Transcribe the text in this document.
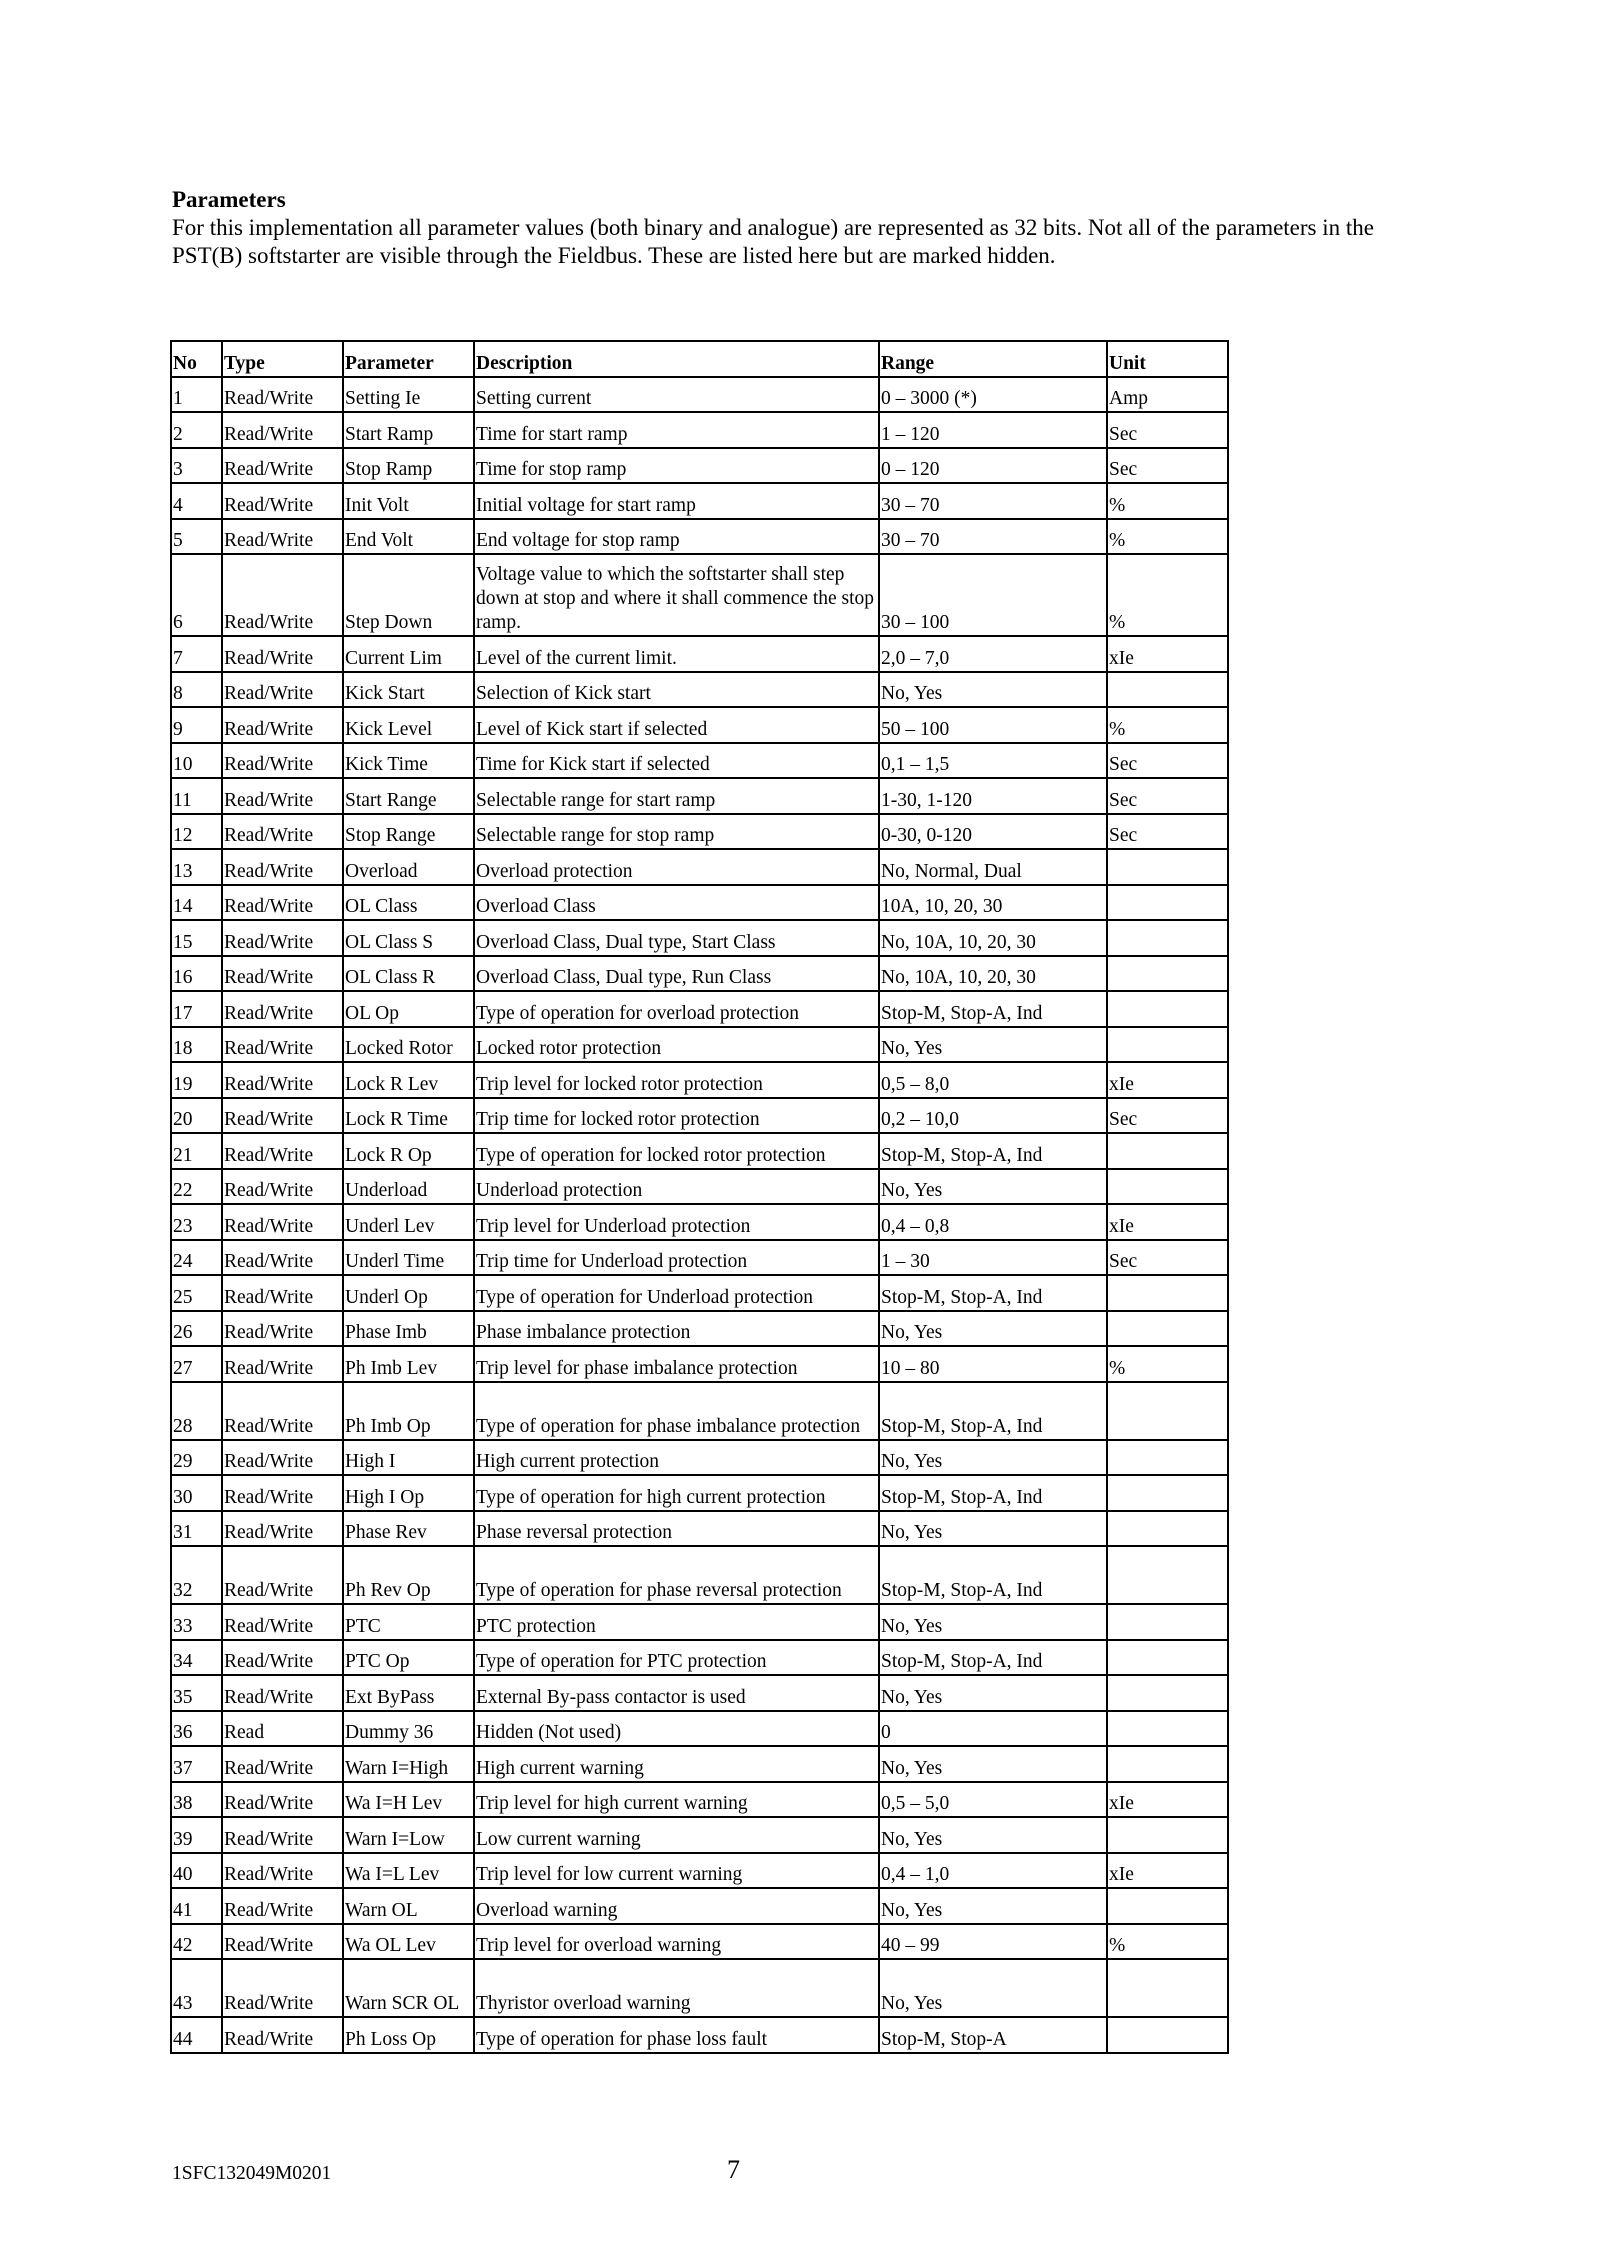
Parameters
For this implementation all parameter values (both binary and analogue) are represented as 32 bits. Not all of the parameters in the PST(B) softstarter are visible through the Fieldbus. These are listed here but are marked hidden.
No	Type	Parameter	Description	Range	Unit
1	Read/Write	Setting Ie	Setting current	0 – 3000 (*)	Amp
2	Read/Write	Start Ramp	Time for start ramp	1 – 120	Sec
3	Read/Write	Stop Ramp	Time for stop ramp	0 – 120	Sec
4	Read/Write	Init Volt	Initial voltage for start ramp	30 – 70	%
5	Read/Write	End Volt	End voltage for stop ramp	30 – 70	%
6	Read/Write	Step Down	Voltage value to which the softstarter shall step down at stop and where it shall commence the stop ramp.	30 – 100	%
7	Read/Write	Current Lim	Level of the current limit.	2,0 – 7,0	xIe
8	Read/Write	Kick Start	Selection of Kick start	No, Yes	
9	Read/Write	Kick Level	Level of Kick start if selected	50 – 100	%
10	Read/Write	Kick Time	Time for Kick start if selected	0,1 – 1,5	Sec
11	Read/Write	Start Range	Selectable range for start ramp	1-30, 1-120	Sec
12	Read/Write	Stop Range	Selectable range for stop ramp	0-30, 0-120	Sec
13	Read/Write	Overload	Overload protection	No, Normal, Dual	
14	Read/Write	OL Class	Overload Class	10A, 10, 20, 30	
15	Read/Write	OL Class S	Overload Class, Dual type, Start Class	No, 10A, 10, 20, 30	
16	Read/Write	OL Class R	Overload Class, Dual type, Run Class	No, 10A, 10, 20, 30	
17	Read/Write	OL Op	Type of operation for overload protection	Stop-M, Stop-A, Ind	
18	Read/Write	Locked Rotor	Locked rotor protection	No, Yes	
19	Read/Write	Lock R Lev	Trip level for locked rotor protection	0,5 – 8,0	xIe
20	Read/Write	Lock R Time	Trip time for locked rotor protection	0,2 – 10,0	Sec
21	Read/Write	Lock R Op	Type of operation for locked rotor protection	Stop-M, Stop-A, Ind	
22	Read/Write	Underload	Underload protection	No, Yes	
23	Read/Write	Underl Lev	Trip level for Underload protection	0,4 – 0,8	xIe
24	Read/Write	Underl Time	Trip time for Underload protection	1 – 30	Sec
25	Read/Write	Underl Op	Type of operation for Underload protection	Stop-M, Stop-A, Ind	
26	Read/Write	Phase Imb	Phase imbalance protection	No, Yes	
27	Read/Write	Ph Imb Lev	Trip level for phase imbalance protection	10 – 80	%
28	Read/Write	Ph Imb Op	Type of operation for phase imbalance protection	Stop-M, Stop-A, Ind	
29	Read/Write	High I	High current protection	No, Yes	
30	Read/Write	High I Op	Type of operation for high current protection	Stop-M, Stop-A, Ind	
31	Read/Write	Phase Rev	Phase reversal protection	No, Yes	
32	Read/Write	Ph Rev Op	Type of operation for phase reversal protection	Stop-M, Stop-A, Ind	
33	Read/Write	PTC	PTC protection	No, Yes	
34	Read/Write	PTC Op	Type of operation for PTC protection	Stop-M, Stop-A, Ind	
35	Read/Write	Ext ByPass	External By-pass contactor is used	No, Yes	
36	Read	Dummy 36	Hidden (Not used)	0	
37	Read/Write	Warn I=High	High current warning	No, Yes	
38	Read/Write	Wa I=H Lev	Trip level for high current warning	0,5 – 5,0	xIe
39	Read/Write	Warn I=Low	Low current warning	No, Yes	
40	Read/Write	Wa I=L Lev	Trip level for low current warning	0,4 – 1,0	xIe
41	Read/Write	Warn OL	Overload warning	No, Yes	
42	Read/Write	Wa OL Lev	Trip level for overload warning	40 – 99	%
43	Read/Write	Warn SCR OL	Thyristor overload warning	No, Yes	
44	Read/Write	Ph Loss Op	Type of operation for phase loss fault	Stop-M, Stop-A	
1SFC132049M0201	7
